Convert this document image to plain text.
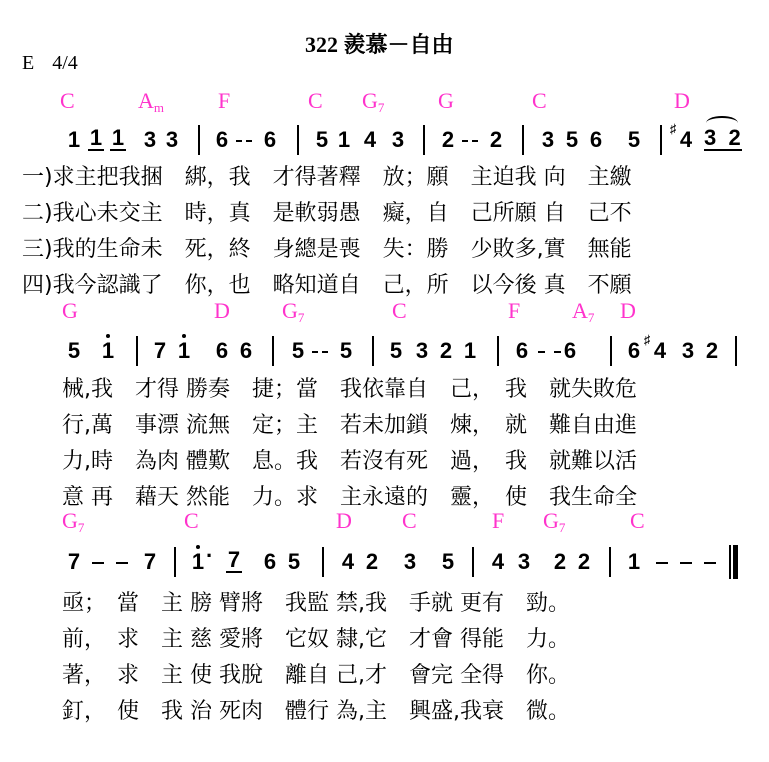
322 羨慕－自由
E 4/4
C	$A_m$ F	C $G_7$ G	C	D
1 1 1 3 3 6 6 5 1 4 3 2 2 3 5 6 5 ♯ 4 3  2
一)求主把我捆　綁，我　才得著釋　放；願　主迫我 向　主繳
二)我心未交主　時，真　是軟弱愚　癡，自　己所願 自　己不
三)我的生命未　死，終　身總是喪　失：勝　少敗多,實　無能
四)我今認識了　你，也　略知道自　己，所　以今後 真　不願
G	D $G_7$	C	F $A_7$ D
5 1 7 1 6 6 5 5 5 3 2 1 6 6 6 ♯ 4 3 2
械,我　才得 勝奏　捷；當　我依靠自　己，　我　就失敗危
行,萬　事漂 流無　定；主　若未加鎖　煉，　就　難自由進
力,時　為肉 體歎　息。我　若沒有死　過，　我　就難以活
意 再　藉天 然能　力。求　主永遠的　靈，　使　我生命全
$G_7$	C	D C	F $G_7$	C
7	7 1 · 7 6 5 4 2 3 5 4 3 2 2 1
亟；　當　主 膀 臂將　我監 禁,我　手就 更有　勁。
前，　求　主 慈 愛將　它奴 隸,它　才會 得能　力。
著，　求　主 使 我脫　離自 己,才　會完 全得　你。
釘，　使　我 治 死肉　體行 為,主　興盛,我衰　微。
